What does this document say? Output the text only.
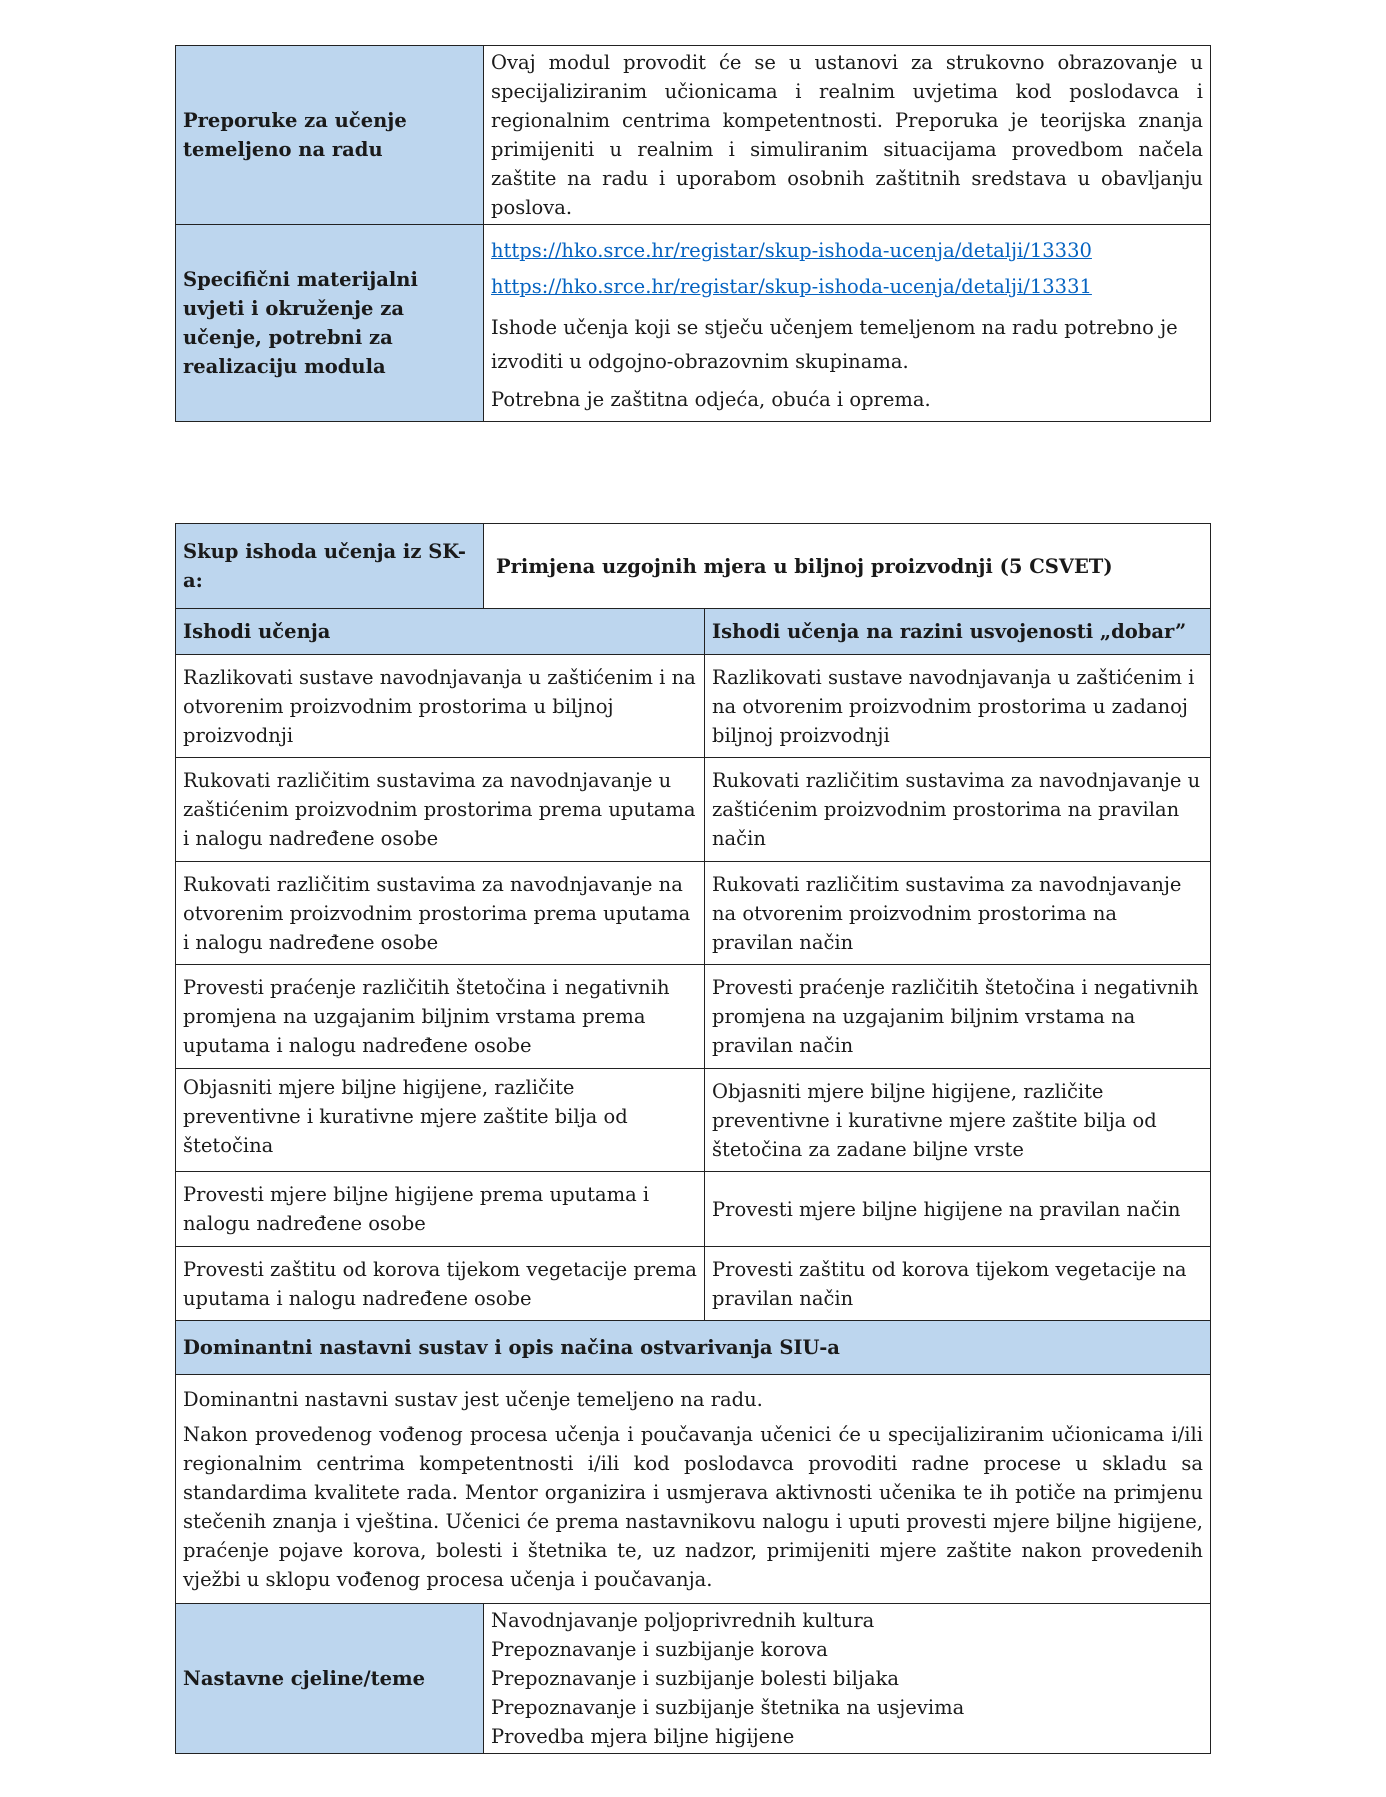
Preporuke za učenje temeljeno na radu	Ovaj modul provodit će se u ustanovi za strukovno obrazovanje u specijaliziranim učionicama i realnim uvjetima kod poslodavca i regionalnim centrima kompetentnosti. Preporuka je teorijska znanja primijeniti u realnim i simuliranim situacijama provedbom načela zaštite na radu i uporabom osobnih zaštitnih sredstava u obavljanju poslova.
Specifični materijalni uvjeti i okruženje za učenje, potrebni za realizaciju modula	https://hko.srce.hr/registar/skup-ishoda-ucenja/detalji/13330
https://hko.srce.hr/registar/skup-ishoda-ucenja/detalji/13331

Ishode učenja koji se stječu učenjem temeljenom na radu potrebno je izvoditi u odgojno-obrazovnim skupinama.

Potrebna je zaštitna odjeća, obuća i oprema.

Skup ishoda učenja iz SK-a:	Primjena uzgojnih mjera u biljnoj proizvodnji (5 CSVET)	
Ishodi učenja		Ishodi učenja na razini usvojenosti „dobar”
Razlikovati sustave navodnjavanja u zaštićenim i na otvorenim proizvodnim prostorima u biljnoj proizvodnji		Razlikovati sustave navodnjavanja u zaštićenim i na otvorenim proizvodnim prostorima u zadanoj biljnoj proizvodnji
Rukovati različitim sustavima za navodnjavanje u zaštićenim proizvodnim prostorima prema uputama i nalogu nadređene osobe		Rukovati različitim sustavima za navodnjavanje u zaštićenim proizvodnim prostorima na pravilan način
Rukovati različitim sustavima za navodnjavanje na otvorenim proizvodnim prostorima prema uputama i nalogu nadređene osobe		Rukovati različitim sustavima za navodnjavanje na otvorenim proizvodnim prostorima na pravilan način
Provesti praćenje različitih štetočina i negativnih promjena na uzgajanim biljnim vrstama prema uputama i nalogu nadređene osobe		Provesti praćenje različitih štetočina i negativnih promjena na uzgajanim biljnim vrstama na pravilan način
Objasniti mjere biljne higijene, različite preventivne i kurativne mjere zaštite bilja od štetočina		Objasniti mjere biljne higijene, različite preventivne i kurativne mjere zaštite bilja od štetočina za zadane biljne vrste
Provesti mjere biljne higijene prema uputama i nalogu nadređene osobe		Provesti mjere biljne higijene na pravilan način
Provesti zaštitu od korova tijekom vegetacije prema uputama i nalogu nadređene osobe		Provesti zaštitu od korova tijekom vegetacije na pravilan način
Dominantni nastavni sustav i opis načina ostvarivanja SIU-a		

Dominantni nastavni sustav jest učenje temeljeno na radu.

Nakon provedenog vođenog procesa učenja i poučavanja učenici će u specijaliziranim učionicama i/ili regionalnim centrima kompetentnosti i/ili kod poslodavca provoditi radne procese u skladu sa standardima kvalitete rada. Mentor organizira i usmjerava aktivnosti učenika te ih potiče na primjenu stečenih znanja i vještina. Učenici će prema nastavnikovu nalogu i uputi provesti mjere biljne higijene, praćenje pojave korova, bolesti i štetnika te, uz nadzor, primijeniti mjere zaštite nakon provedenih vježbi u sklopu vođenog procesa učenja i poučavanja.		

Nastavne cjeline/teme	Navodnjavanje poljoprivrednih kultura

Prepoznavanje i suzbijanje korova

Prepoznavanje i suzbijanje bolesti biljaka

Prepoznavanje i suzbijanje štetnika na usjevima

Provedba mjera biljne higijene	
